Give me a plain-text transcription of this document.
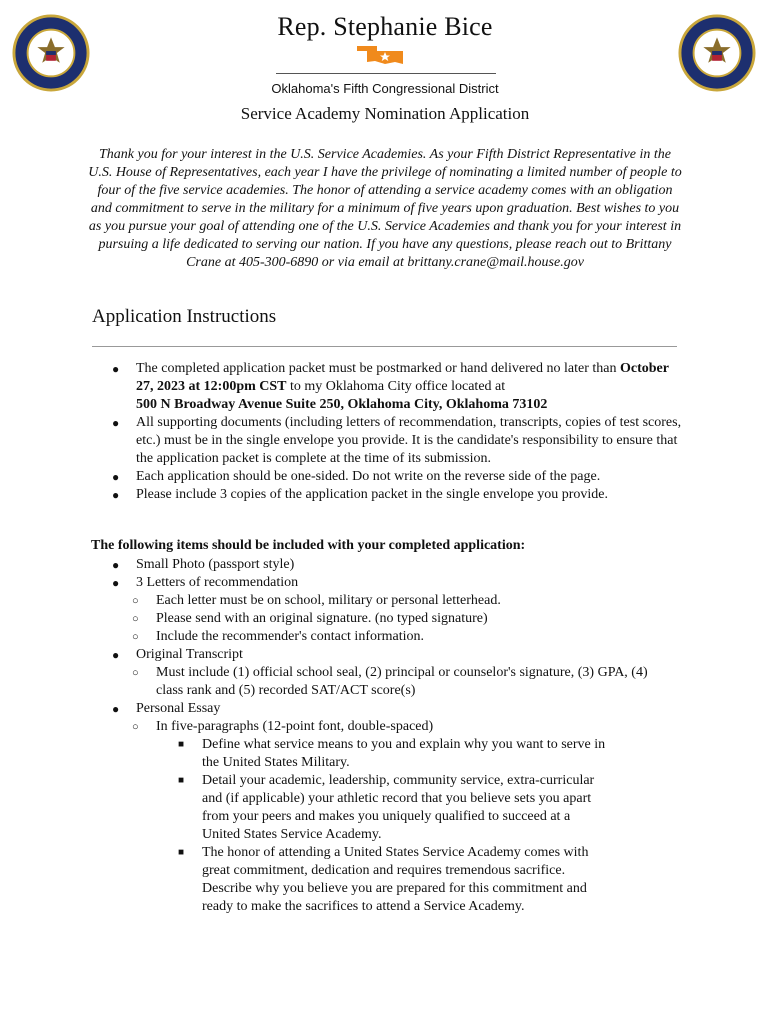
Rep. Stephanie Bice
Oklahoma's Fifth Congressional District
Service Academy Nomination Application
Thank you for your interest in the U.S. Service Academies. As your Fifth District Representative in the U.S. House of Representatives, each year I have the privilege of nominating a limited number of people to four of the five service academies. The honor of attending a service academy comes with an obligation and commitment to serve in the military for a minimum of five years upon graduation. Best wishes to you as you pursue your goal of attending one of the U.S. Service Academies and thank you for your interest in pursuing a life dedicated to serving our nation. If you have any questions, please reach out to Brittany Crane at 405-300-6890 or via email at brittany.crane@mail.house.gov
Application Instructions
● The completed application packet must be postmarked or hand delivered no later than October 27, 2023 at 12:00pm CST to my Oklahoma City office located at
500 N Broadway Avenue Suite 250, Oklahoma City, Oklahoma 73102
● All supporting documents (including letters of recommendation, transcripts, copies of test scores, etc.) must be in the single envelope you provide. It is the candidate's responsibility to ensure that the application packet is complete at the time of its submission.
● Each application should be one-sided. Do not write on the reverse side of the page.
● Please include 3 copies of the application packet in the single envelope you provide.
The following items should be included with your completed application:
● Small Photo (passport style)
● 3 Letters of recommendation
○ Each letter must be on school, military or personal letterhead.
○ Please send with an original signature. (no typed signature)
○ Include the recommender's contact information.
● Original Transcript
○ Must include (1) official school seal, (2) principal or counselor's signature, (3) GPA, (4) class rank and (5) recorded SAT/ACT score(s)
● Personal Essay
○ In five-paragraphs (12-point font, double-spaced)
■ Define what service means to you and explain why you want to serve in the United States Military.
■ Detail your academic, leadership, community service, extra-curricular and (if applicable) your athletic record that you believe sets you apart from your peers and makes you uniquely qualified to succeed at a United States Service Academy.
■ The honor of attending a United States Service Academy comes with great commitment, dedication and requires tremendous sacrifice. Describe why you believe you are prepared for this commitment and ready to make the sacrifices to attend a Service Academy.
